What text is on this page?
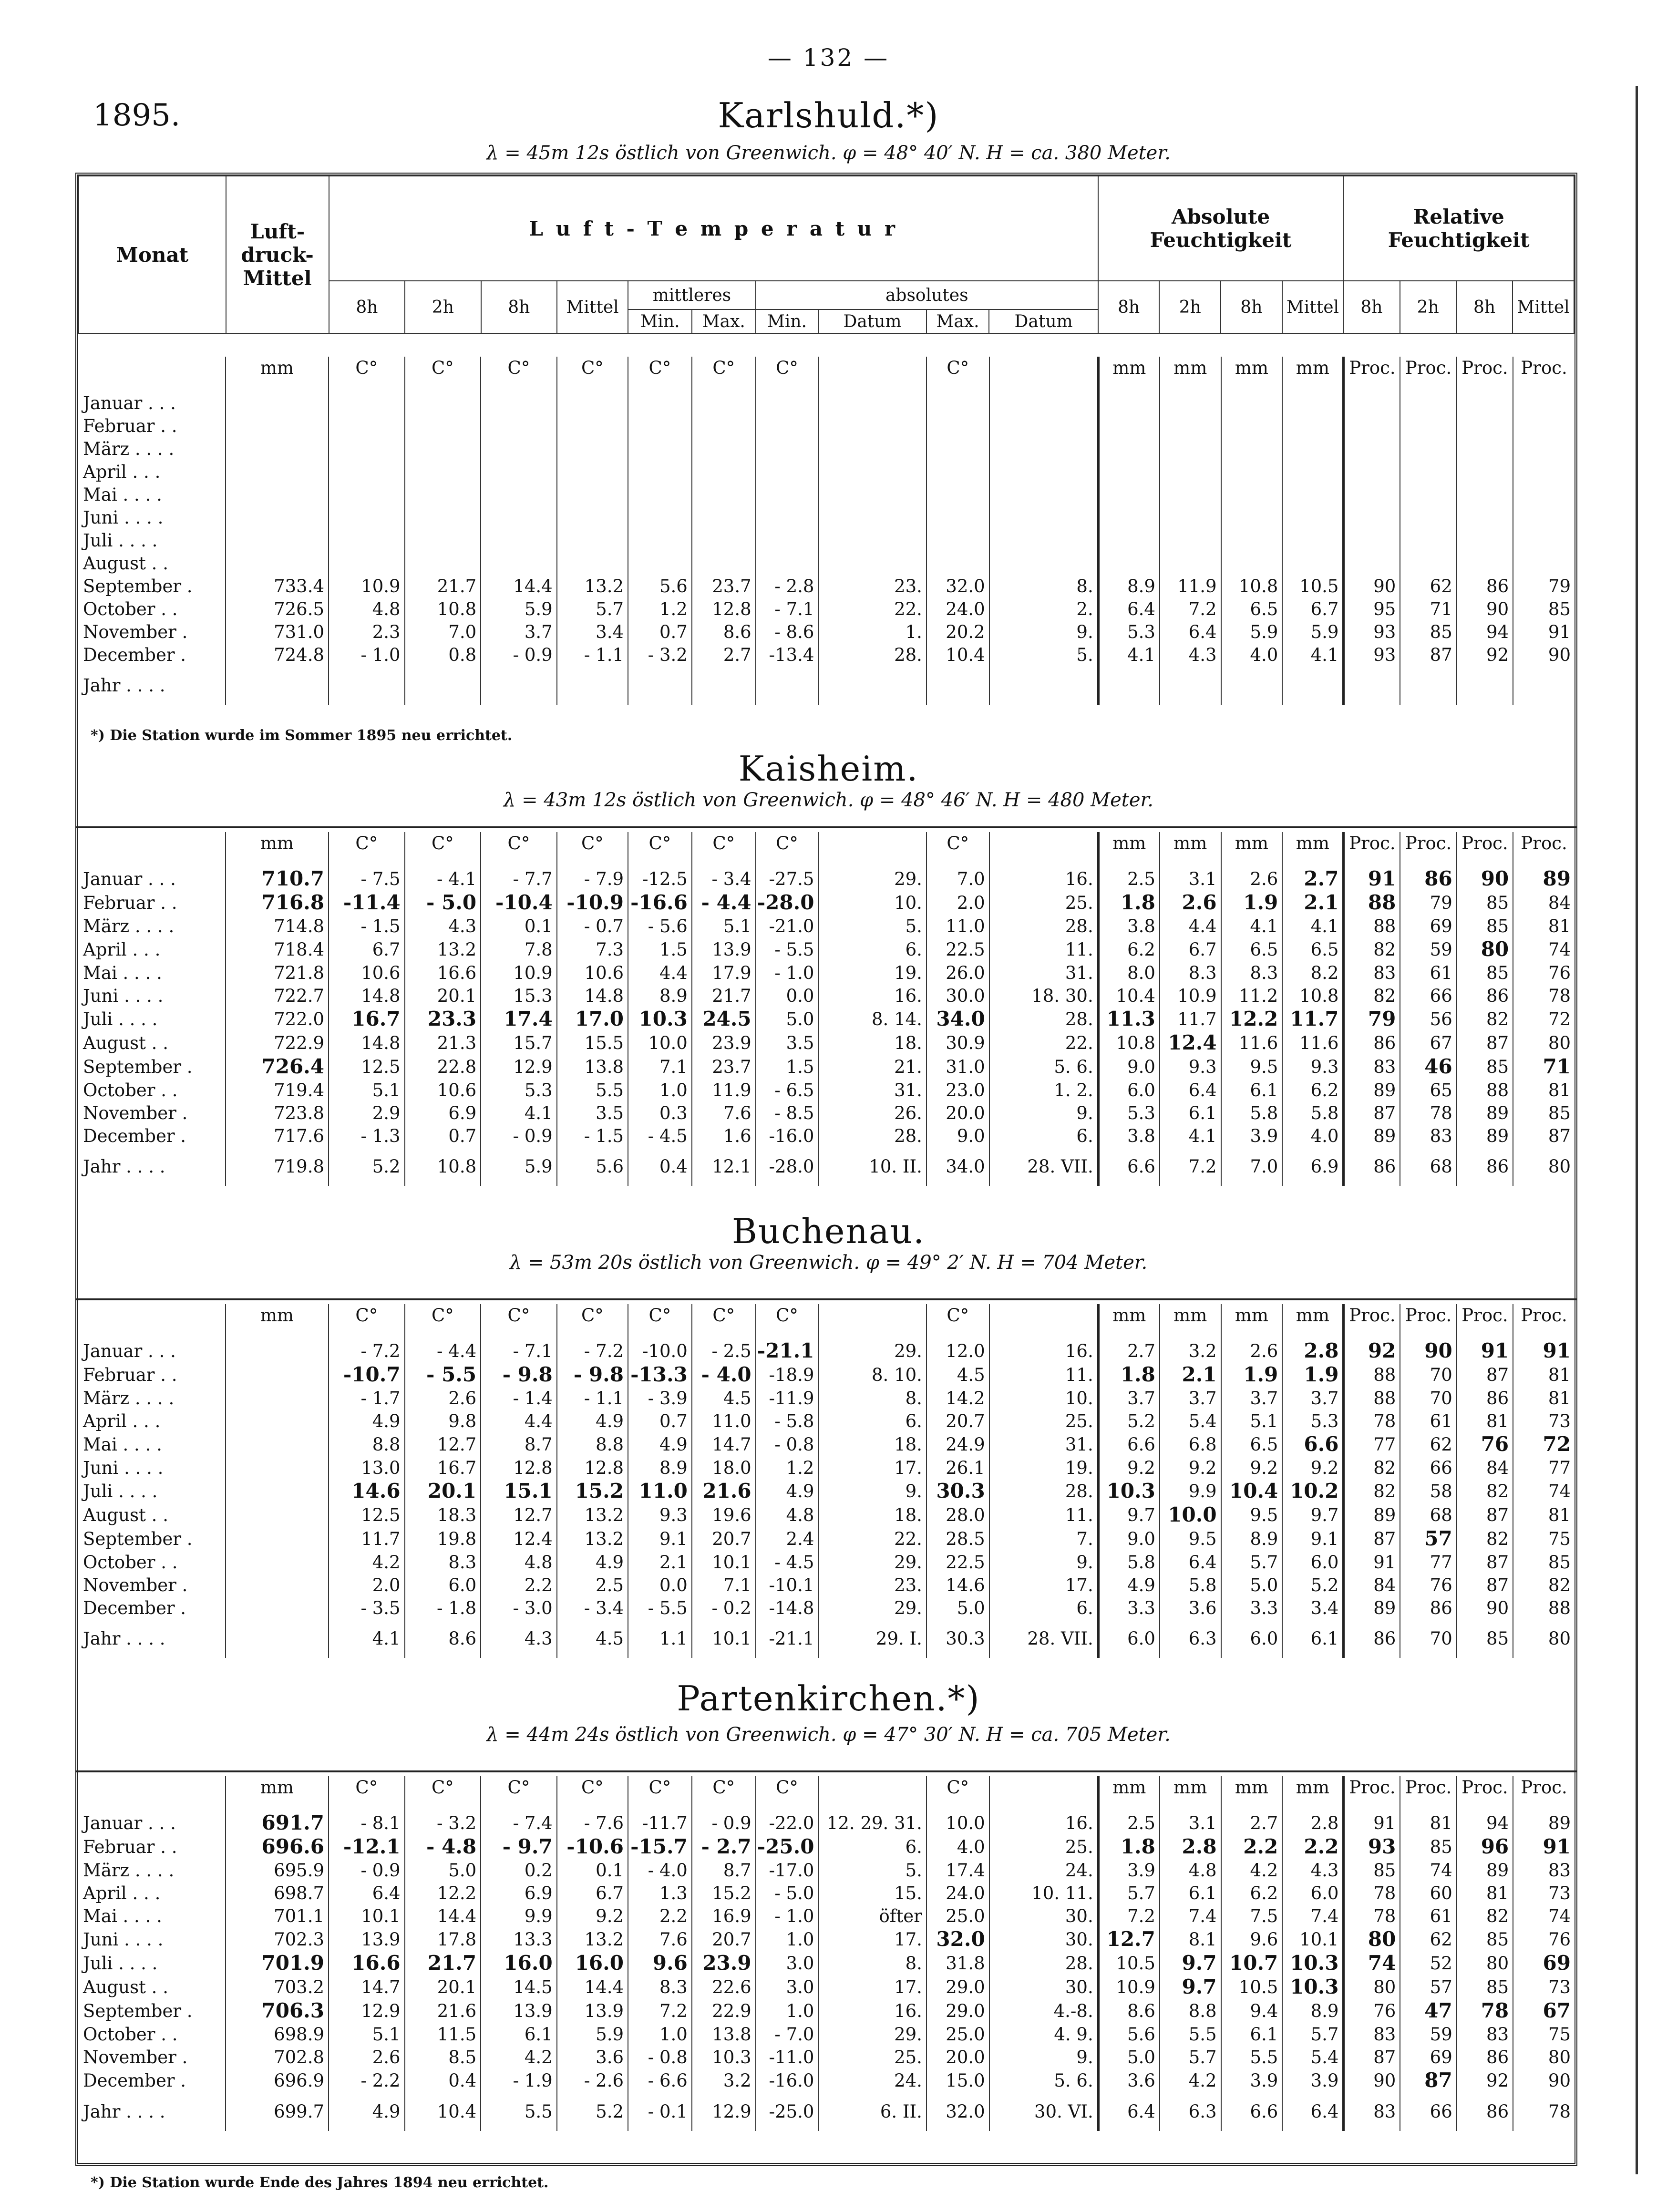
— 132 —
1895.
Monat	Luft-
druck-
Mittel	L u f t - T e m p e r a t u r										Absolute
Feuchtigkeit				Relative
Feuchtigkeit			
		8h	2h	8h	Mittel	mittleres		absolutes				8h	2h	8h	Mittel	8h	2h	8h	Mittel
						Min.	Max.	Min.	Datum	Max.	Datum								
Karlshuld.*)
λ = 45m 12s östlich von Greenwich. φ = 48° 40′ N. H = ca. 380 Meter.
	mm	C°	C°	C°	C°	C°	C°	C°		C°		mm	mm	mm	mm	Proc.	Proc.	Proc.	Proc.

Januar . . .																			
Februar . .																			
März . . . .																			
April . . .																			
Mai . . . .																			
Juni . . . .																			
Juli . . . .																			
August . .																			
September .	733.4	10.9	21.7	14.4	13.2	5.6	23.7	- 2.8	23.	32.0	8.	8.9	11.9	10.8	10.5	90	62	86	79
October . .	726.5	4.8	10.8	5.9	5.7	1.2	12.8	- 7.1	22.	24.0	2.	6.4	7.2	6.5	6.7	95	71	90	85
November .	731.0	2.3	7.0	3.7	3.4	0.7	8.6	- 8.6	1.	20.2	9.	5.3	6.4	5.9	5.9	93	85	94	91
December .	724.8	- 1.0	0.8	- 0.9	- 1.1	- 3.2	2.7	-13.4	28.	10.4	5.	4.1	4.3	4.0	4.1	93	87	92	90
Jahr . . . .																			
*) Die Station wurde im Sommer 1895 neu errichtet.
Kaisheim.
λ = 43m 12s östlich von Greenwich. φ = 48° 46′ N. H = 480 Meter.
	mm	C°	C°	C°	C°	C°	C°	C°		C°		mm	mm	mm	mm	Proc.	Proc.	Proc.	Proc.

Januar . . .	710.7	- 7.5	- 4.1	- 7.7	- 7.9	-12.5	- 3.4	-27.5	29.	7.0	16.	2.5	3.1	2.6	2.7	91	86	90	89
Februar . .	716.8	-11.4	- 5.0	-10.4	-10.9	-16.6	- 4.4	-28.0	10.	2.0	25.	1.8	2.6	1.9	2.1	88	79	85	84
März . . . .	714.8	- 1.5	4.3	0.1	- 0.7	- 5.6	5.1	-21.0	5.	11.0	28.	3.8	4.4	4.1	4.1	88	69	85	81
April . . .	718.4	6.7	13.2	7.8	7.3	1.5	13.9	- 5.5	6.	22.5	11.	6.2	6.7	6.5	6.5	82	59	80	74
Mai . . . .	721.8	10.6	16.6	10.9	10.6	4.4	17.9	- 1.0	19.	26.0	31.	8.0	8.3	8.3	8.2	83	61	85	76
Juni . . . .	722.7	14.8	20.1	15.3	14.8	8.9	21.7	0.0	16.	30.0	18. 30.	10.4	10.9	11.2	10.8	82	66	86	78
Juli . . . .	722.0	16.7	23.3	17.4	17.0	10.3	24.5	5.0	8. 14.	34.0	28.	11.3	11.7	12.2	11.7	79	56	82	72
August . .	722.9	14.8	21.3	15.7	15.5	10.0	23.9	3.5	18.	30.9	22.	10.8	12.4	11.6	11.6	86	67	87	80
September .	726.4	12.5	22.8	12.9	13.8	7.1	23.7	1.5	21.	31.0	5. 6.	9.0	9.3	9.5	9.3	83	46	85	71
October . .	719.4	5.1	10.6	5.3	5.5	1.0	11.9	- 6.5	31.	23.0	1. 2.	6.0	6.4	6.1	6.2	89	65	88	81
November .	723.8	2.9	6.9	4.1	3.5	0.3	7.6	- 8.5	26.	20.0	9.	5.3	6.1	5.8	5.8	87	78	89	85
December .	717.6	- 1.3	0.7	- 0.9	- 1.5	- 4.5	1.6	-16.0	28.	9.0	6.	3.8	4.1	3.9	4.0	89	83	89	87
Jahr . . . .	719.8	5.2	10.8	5.9	5.6	0.4	12.1	-28.0	10. II.	34.0	28. VII.	6.6	7.2	7.0	6.9	86	68	86	80
Buchenau.
λ = 53m 20s östlich von Greenwich. φ = 49° 2′ N. H = 704 Meter.
	mm	C°	C°	C°	C°	C°	C°	C°		C°		mm	mm	mm	mm	Proc.	Proc.	Proc.	Proc.

Januar . . .		- 7.2	- 4.4	- 7.1	- 7.2	-10.0	- 2.5	-21.1	29.	12.0	16.	2.7	3.2	2.6	2.8	92	90	91	91
Februar . .		-10.7	- 5.5	- 9.8	- 9.8	-13.3	- 4.0	-18.9	8. 10.	4.5	11.	1.8	2.1	1.9	1.9	88	70	87	81
März . . . .		- 1.7	2.6	- 1.4	- 1.1	- 3.9	4.5	-11.9	8.	14.2	10.	3.7	3.7	3.7	3.7	88	70	86	81
April . . .		4.9	9.8	4.4	4.9	0.7	11.0	- 5.8	6.	20.7	25.	5.2	5.4	5.1	5.3	78	61	81	73
Mai . . . .		8.8	12.7	8.7	8.8	4.9	14.7	- 0.8	18.	24.9	31.	6.6	6.8	6.5	6.6	77	62	76	72
Juni . . . .		13.0	16.7	12.8	12.8	8.9	18.0	1.2	17.	26.1	19.	9.2	9.2	9.2	9.2	82	66	84	77
Juli . . . .		14.6	20.1	15.1	15.2	11.0	21.6	4.9	9.	30.3	28.	10.3	9.9	10.4	10.2	82	58	82	74
August . .		12.5	18.3	12.7	13.2	9.3	19.6	4.8	18.	28.0	11.	9.7	10.0	9.5	9.7	89	68	87	81
September .		11.7	19.8	12.4	13.2	9.1	20.7	2.4	22.	28.5	7.	9.0	9.5	8.9	9.1	87	57	82	75
October . .		4.2	8.3	4.8	4.9	2.1	10.1	- 4.5	29.	22.5	9.	5.8	6.4	5.7	6.0	91	77	87	85
November .		2.0	6.0	2.2	2.5	0.0	7.1	-10.1	23.	14.6	17.	4.9	5.8	5.0	5.2	84	76	87	82
December .		- 3.5	- 1.8	- 3.0	- 3.4	- 5.5	- 0.2	-14.8	29.	5.0	6.	3.3	3.6	3.3	3.4	89	86	90	88
Jahr . . . .		4.1	8.6	4.3	4.5	1.1	10.1	-21.1	29. I.	30.3	28. VII.	6.0	6.3	6.0	6.1	86	70	85	80
Partenkirchen.*)
λ = 44m 24s östlich von Greenwich. φ = 47° 30′ N. H = ca. 705 Meter.
	mm	C°	C°	C°	C°	C°	C°	C°		C°		mm	mm	mm	mm	Proc.	Proc.	Proc.	Proc.

Januar . . .	691.7	- 8.1	- 3.2	- 7.4	- 7.6	-11.7	- 0.9	-22.0	12. 29. 31.	10.0	16.	2.5	3.1	2.7	2.8	91	81	94	89
Februar . .	696.6	-12.1	- 4.8	- 9.7	-10.6	-15.7	- 2.7	-25.0	6.	4.0	25.	1.8	2.8	2.2	2.2	93	85	96	91
März . . . .	695.9	- 0.9	5.0	0.2	0.1	- 4.0	8.7	-17.0	5.	17.4	24.	3.9	4.8	4.2	4.3	85	74	89	83
April . . .	698.7	6.4	12.2	6.9	6.7	1.3	15.2	- 5.0	15.	24.0	10. 11.	5.7	6.1	6.2	6.0	78	60	81	73
Mai . . . .	701.1	10.1	14.4	9.9	9.2	2.2	16.9	- 1.0	öfter	25.0	30.	7.2	7.4	7.5	7.4	78	61	82	74
Juni . . . .	702.3	13.9	17.8	13.3	13.2	7.6	20.7	1.0	17.	32.0	30.	12.7	8.1	9.6	10.1	80	62	85	76
Juli . . . .	701.9	16.6	21.7	16.0	16.0	9.6	23.9	3.0	8.	31.8	28.	10.5	9.7	10.7	10.3	74	52	80	69
August . .	703.2	14.7	20.1	14.5	14.4	8.3	22.6	3.0	17.	29.0	30.	10.9	9.7	10.5	10.3	80	57	85	73
September .	706.3	12.9	21.6	13.9	13.9	7.2	22.9	1.0	16.	29.0	4.-8.	8.6	8.8	9.4	8.9	76	47	78	67
October . .	698.9	5.1	11.5	6.1	5.9	1.0	13.8	- 7.0	29.	25.0	4. 9.	5.6	5.5	6.1	5.7	83	59	83	75
November .	702.8	2.6	8.5	4.2	3.6	- 0.8	10.3	-11.0	25.	20.0	9.	5.0	5.7	5.5	5.4	87	69	86	80
December .	696.9	- 2.2	0.4	- 1.9	- 2.6	- 6.6	3.2	-16.0	24.	15.0	5. 6.	3.6	4.2	3.9	3.9	90	87	92	90
Jahr . . . .	699.7	4.9	10.4	5.5	5.2	- 0.1	12.9	-25.0	6. II.	32.0	30. VI.	6.4	6.3	6.6	6.4	83	66	86	78
*) Die Station wurde Ende des Jahres 1894 neu errichtet.
